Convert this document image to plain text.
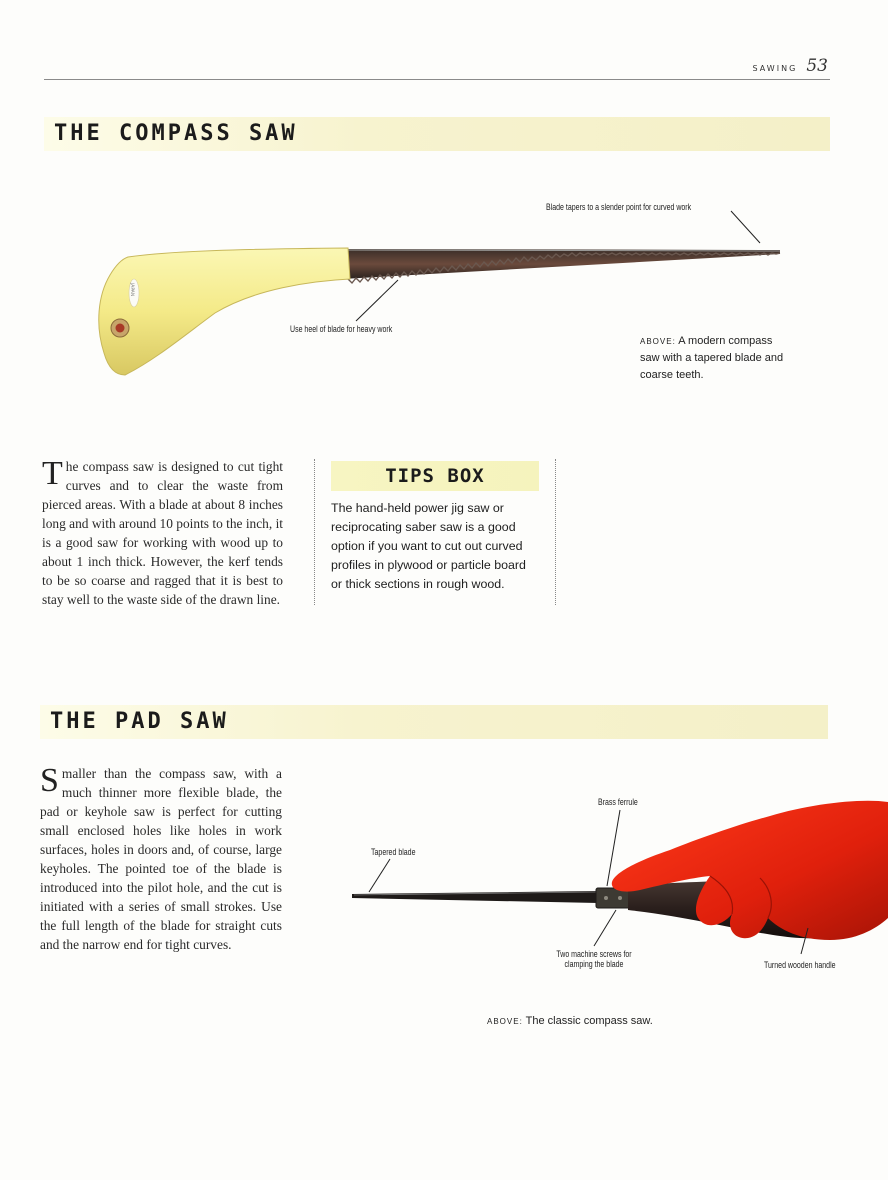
SAWING 53
THE COMPASS SAW
JAPAN
Blade tapers to a slender point for curved work
Use heel of blade for heavy work
ABOVE: A modern compass saw with a tapered blade and coarse teeth.
The compass saw is designed to cut tight curves and to clear the waste from pierced areas. With a blade at about 8 inches long and with around 10 points to the inch, it is a good saw for working with wood up to about 1 inch thick. However, the kerf tends to be so coarse and ragged that it is best to stay well to the waste side of the drawn line.
TIPS BOX
The hand-held power jig saw or reciprocating saber saw is a good option if you want to cut out curved profiles in plywood or particle board or thick sections in rough wood.
THE PAD SAW
Smaller than the compass saw, with a much thinner more flexible blade, the pad or keyhole saw is perfect for cutting small enclosed holes like holes in work surfaces, holes in doors and, of course, large keyholes. The pointed toe of the blade is introduced into the pilot hole, and the cut is initiated with a series of small strokes. Use the full length of the blade for straight cuts and the narrow end for tight curves.
Brass ferrule
Tapered blade
Two machine screws for
clamping the blade	Turned wooden handle
ABOVE: The classic compass saw.
